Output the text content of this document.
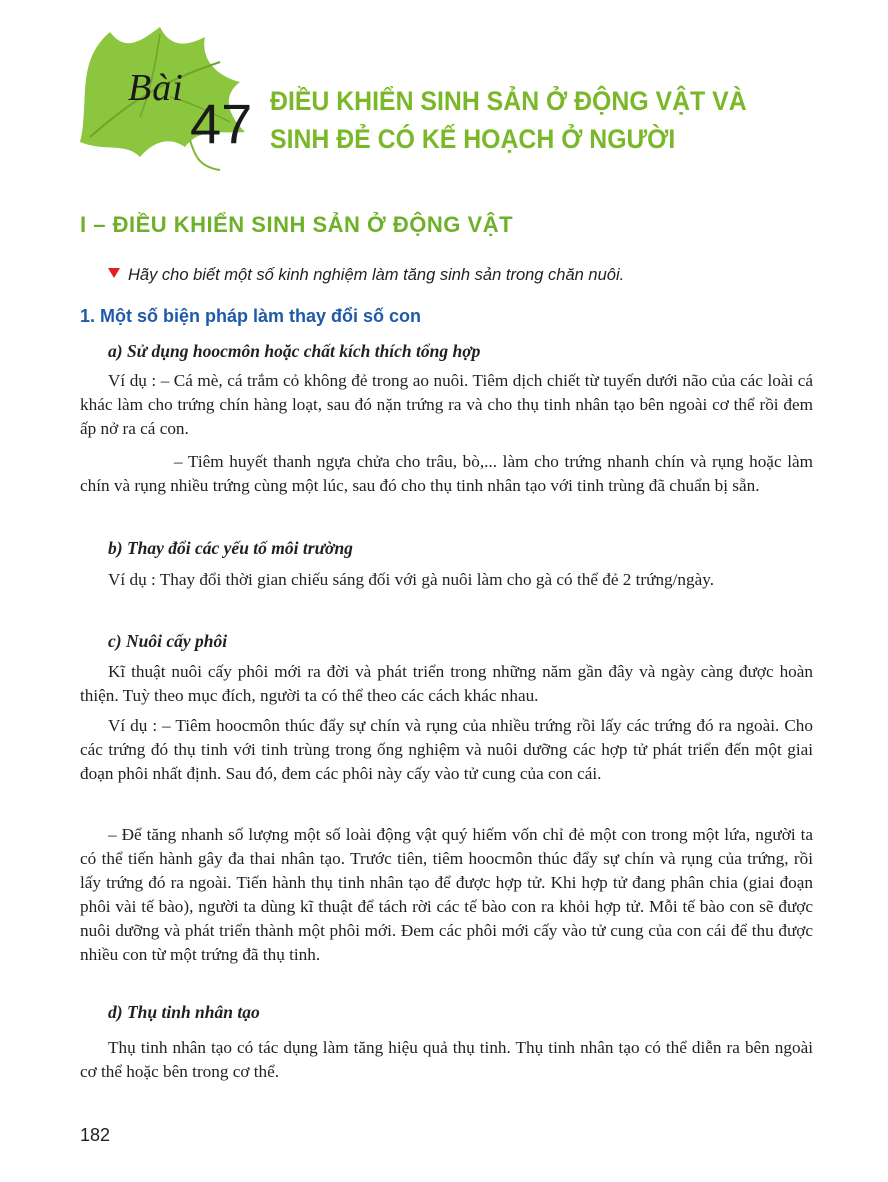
Bài
47 ĐIỀU KHIỂN SINH SẢN Ở ĐỘNG VẬT VÀ
SINH ĐẺ CÓ KẾ HOẠCH Ở NGƯỜI
I – ĐIỀU KHIỂN SINH SẢN Ở ĐỘNG VẬT
Hãy cho biết một số kinh nghiệm làm tăng sinh sản trong chăn nuôi.
1. Một số biện pháp làm thay đổi số con
a) Sử dụng hoocmôn hoặc chất kích thích tổng hợp
Ví dụ : – Cá mè, cá trắm cỏ không đẻ trong ao nuôi. Tiêm dịch chiết từ tuyến dưới não của các loài cá khác làm cho trứng chín hàng loạt, sau đó nặn trứng ra và cho thụ tinh nhân tạo bên ngoài cơ thể rồi đem ấp nở ra cá con.
– Tiêm huyết thanh ngựa chửa cho trâu, bò,... làm cho trứng nhanh chín và rụng hoặc làm chín và rụng nhiều trứng cùng một lúc, sau đó cho thụ tinh nhân tạo với tinh trùng đã chuẩn bị sẵn.
b) Thay đổi các yếu tố môi trường
Ví dụ : Thay đổi thời gian chiếu sáng đối với gà nuôi làm cho gà có thể đẻ 2 trứng/ngày.
c) Nuôi cấy phôi
Kĩ thuật nuôi cấy phôi mới ra đời và phát triển trong những năm gần đây và ngày càng được hoàn thiện. Tuỳ theo mục đích, người ta có thể theo các cách khác nhau.
Ví dụ : – Tiêm hoocmôn thúc đẩy sự chín và rụng của nhiều trứng rồi lấy các trứng đó ra ngoài. Cho các trứng đó thụ tinh với tinh trùng trong ống nghiệm và nuôi dưỡng các hợp tử phát triển đến một giai đoạn phôi nhất định. Sau đó, đem các phôi này cấy vào tử cung của con cái.
– Để tăng nhanh số lượng một số loài động vật quý hiếm vốn chỉ đẻ một con trong một lứa, người ta có thể tiến hành gây đa thai nhân tạo. Trước tiên, tiêm hoocmôn thúc đẩy sự chín và rụng của trứng, rồi lấy trứng đó ra ngoài. Tiến hành thụ tinh nhân tạo để được hợp tử. Khi hợp tử đang phân chia (giai đoạn phôi vài tế bào), người ta dùng kĩ thuật để tách rời các tế bào con ra khỏi hợp tử. Mỗi tế bào con sẽ được nuôi dưỡng và phát triển thành một phôi mới. Đem các phôi mới cấy vào tử cung của con cái để thu được nhiều con từ một trứng đã thụ tinh.
d) Thụ tinh nhân tạo
Thụ tinh nhân tạo có tác dụng làm tăng hiệu quả thụ tinh. Thụ tinh nhân tạo có thể diễn ra bên ngoài cơ thể hoặc bên trong cơ thể.
182
